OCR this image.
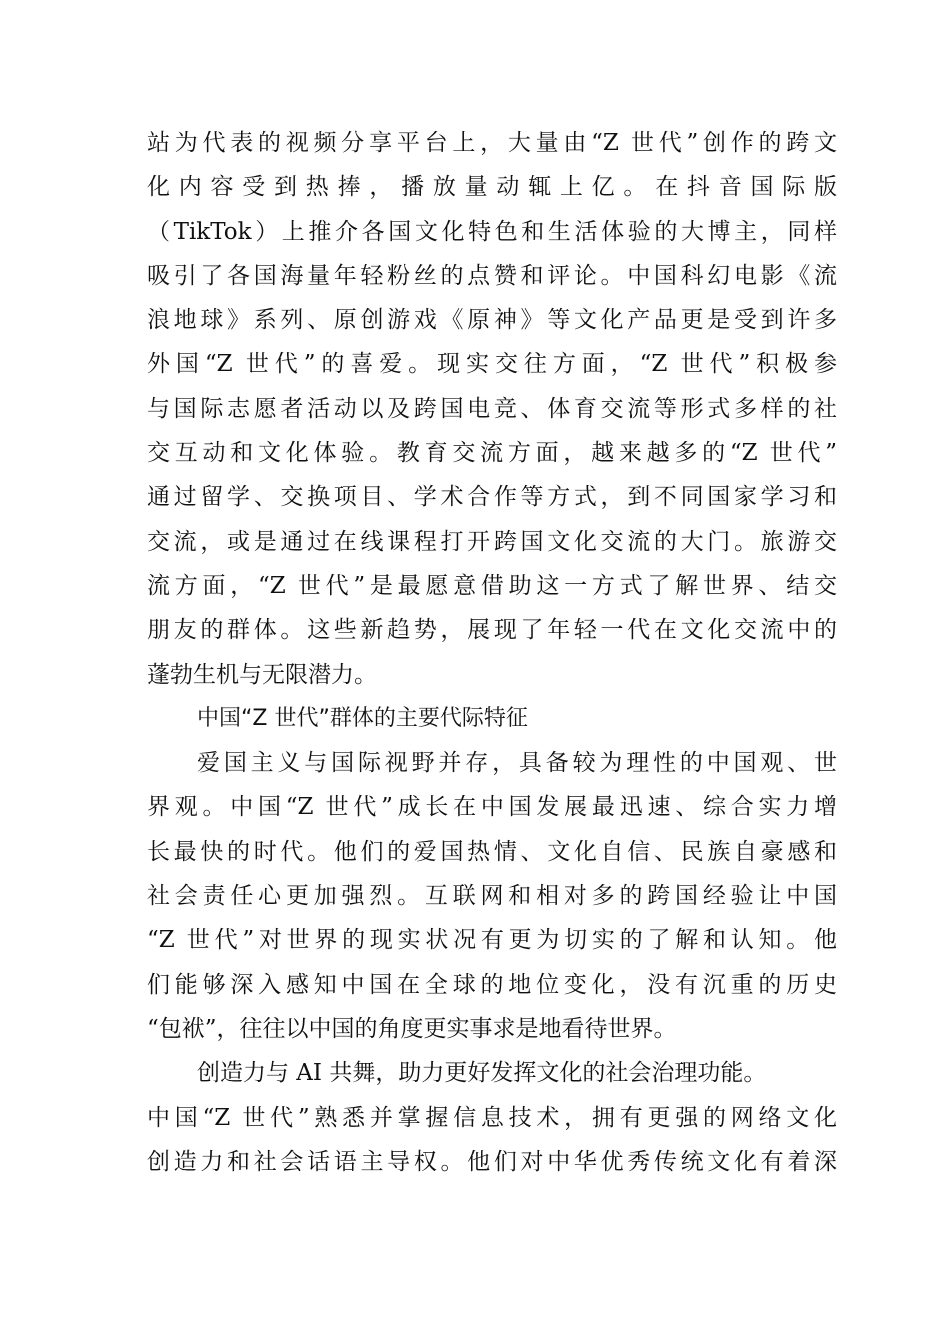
站为代表的视频分享平台上，大量由“Z 世代”创作的跨文
化内容受到热捧，播放量动辄上亿。在抖音国际版
（TikTok）上推介各国文化特色和生活体验的大博主，同样
吸引了各国海量年轻粉丝的点赞和评论。中国科幻电影《流
浪地球》系列、原创游戏《原神》等文化产品更是受到许多
外国“Z 世代”的喜爱。现实交往方面，“Z 世代”积极参
与国际志愿者活动以及跨国电竞、体育交流等形式多样的社
交互动和文化体验。教育交流方面，越来越多的“Z 世代”
通过留学、交换项目、学术合作等方式，到不同国家学习和
交流，或是通过在线课程打开跨国文化交流的大门。旅游交
流方面，“Z 世代”是最愿意借助这一方式了解世界、结交
朋友的群体。这些新趋势，展现了年轻一代在文化交流中的
蓬勃生机与无限潜力。
中国“Z 世代”群体的主要代际特征
爱国主义与国际视野并存，具备较为理性的中国观、世
界观。中国“Z 世代”成长在中国发展最迅速、综合实力增
长最快的时代。他们的爱国热情、文化自信、民族自豪感和
社会责任心更加强烈。互联网和相对多的跨国经验让中国
“Z 世代”对世界的现实状况有更为切实的了解和认知。他
们能够深入感知中国在全球的地位变化，没有沉重的历史
“包袱”，往往以中国的角度更实事求是地看待世界。
创造力与 AI 共舞，助力更好发挥文化的社会治理功能。
中国“Z 世代”熟悉并掌握信息技术，拥有更强的网络文化
创造力和社会话语主导权。他们对中华优秀传统文化有着深
